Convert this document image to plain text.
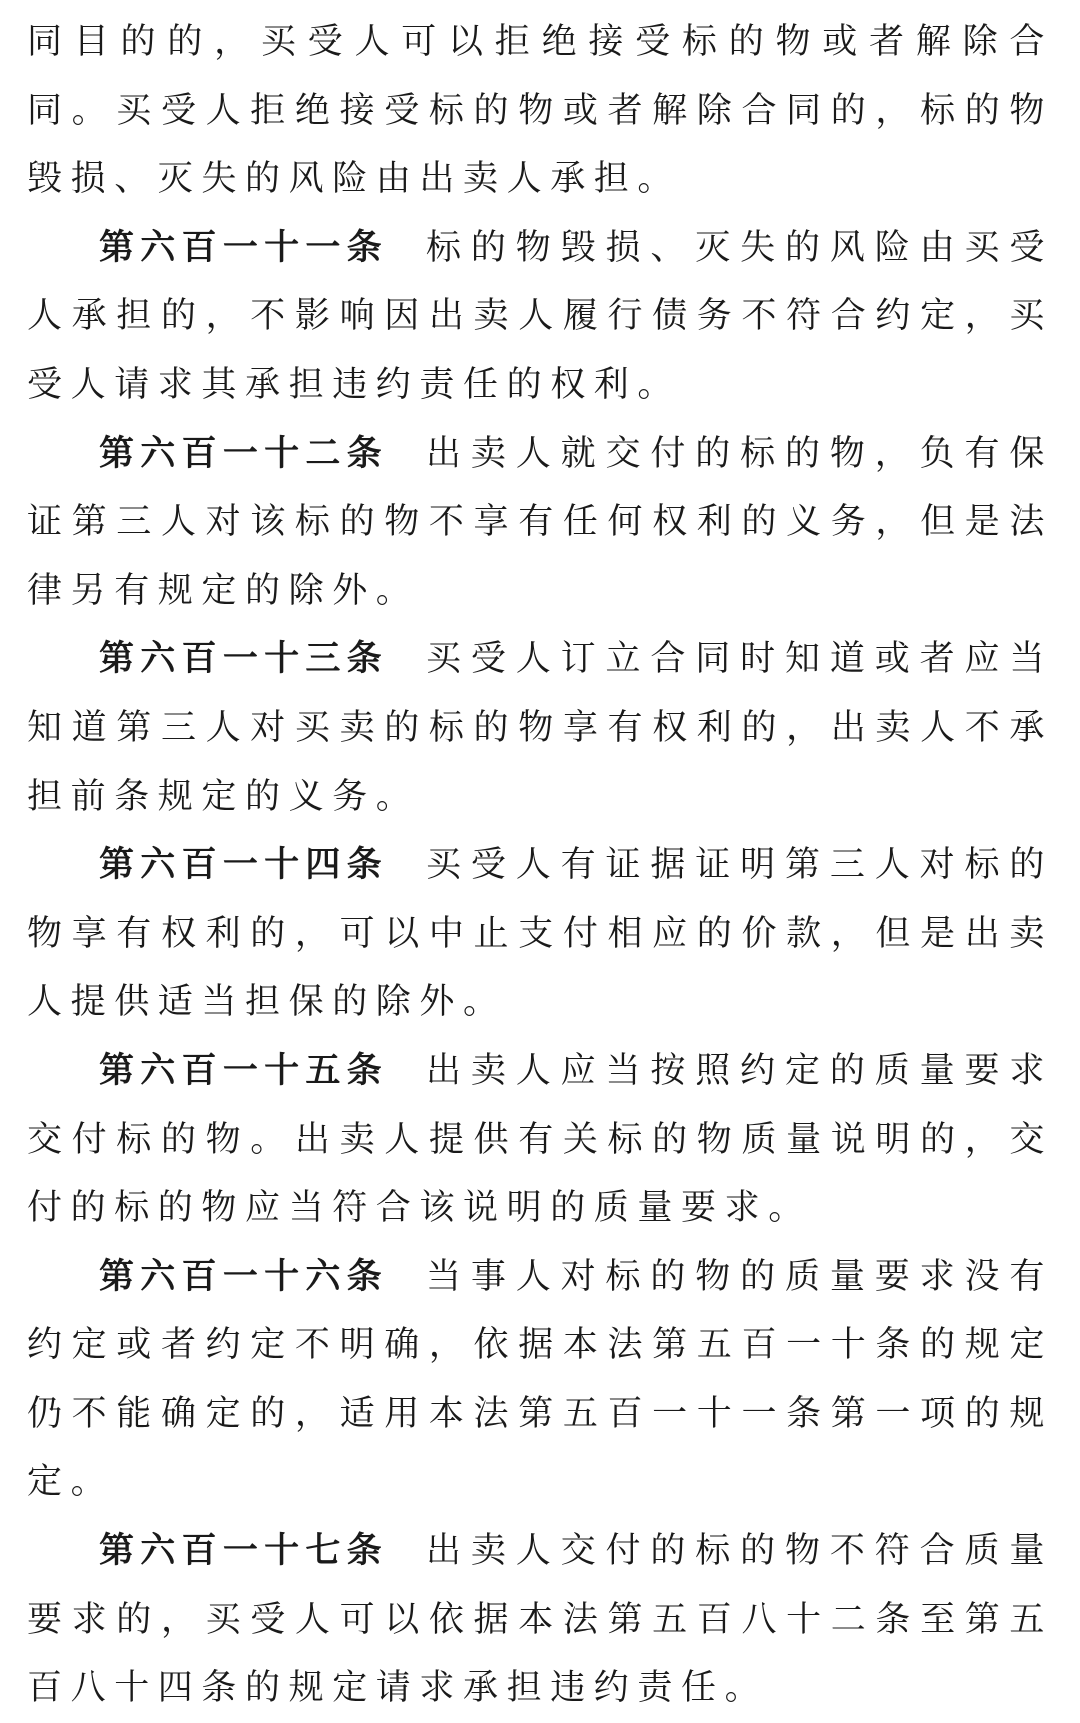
同目的的，买受人可以拒绝接受标的物或者解除合同。买受人拒绝接受标的物或者解除合同的，标的物毁损、灭失的风险由出卖人承担。

第六百一十一条 标的物毁损、灭失的风险由买受人承担的，不影响因出卖人履行债务不符合约定，买受人请求其承担违约责任的权利。

第六百一十二条 出卖人就交付的标的物，负有保证第三人对该标的物不享有任何权利的义务，但是法律另有规定的除外。

第六百一十三条 买受人订立合同时知道或者应当知道第三人对买卖的标的物享有权利的，出卖人不承担前条规定的义务。

第六百一十四条 买受人有证据证明第三人对标的物享有权利的，可以中止支付相应的价款，但是出卖人提供适当担保的除外。

第六百一十五条 出卖人应当按照约定的质量要求交付标的物。出卖人提供有关标的物质量说明的，交付的标的物应当符合该说明的质量要求。

第六百一十六条 当事人对标的物的质量要求没有约定或者约定不明确，依据本法第五百一十条的规定仍不能确定的，适用本法第五百一十一条第一项的规定。

第六百一十七条 出卖人交付的标的物不符合质量要求的，买受人可以依据本法第五百八十二条至第五百八十四条的规定请求承担违约责任。
